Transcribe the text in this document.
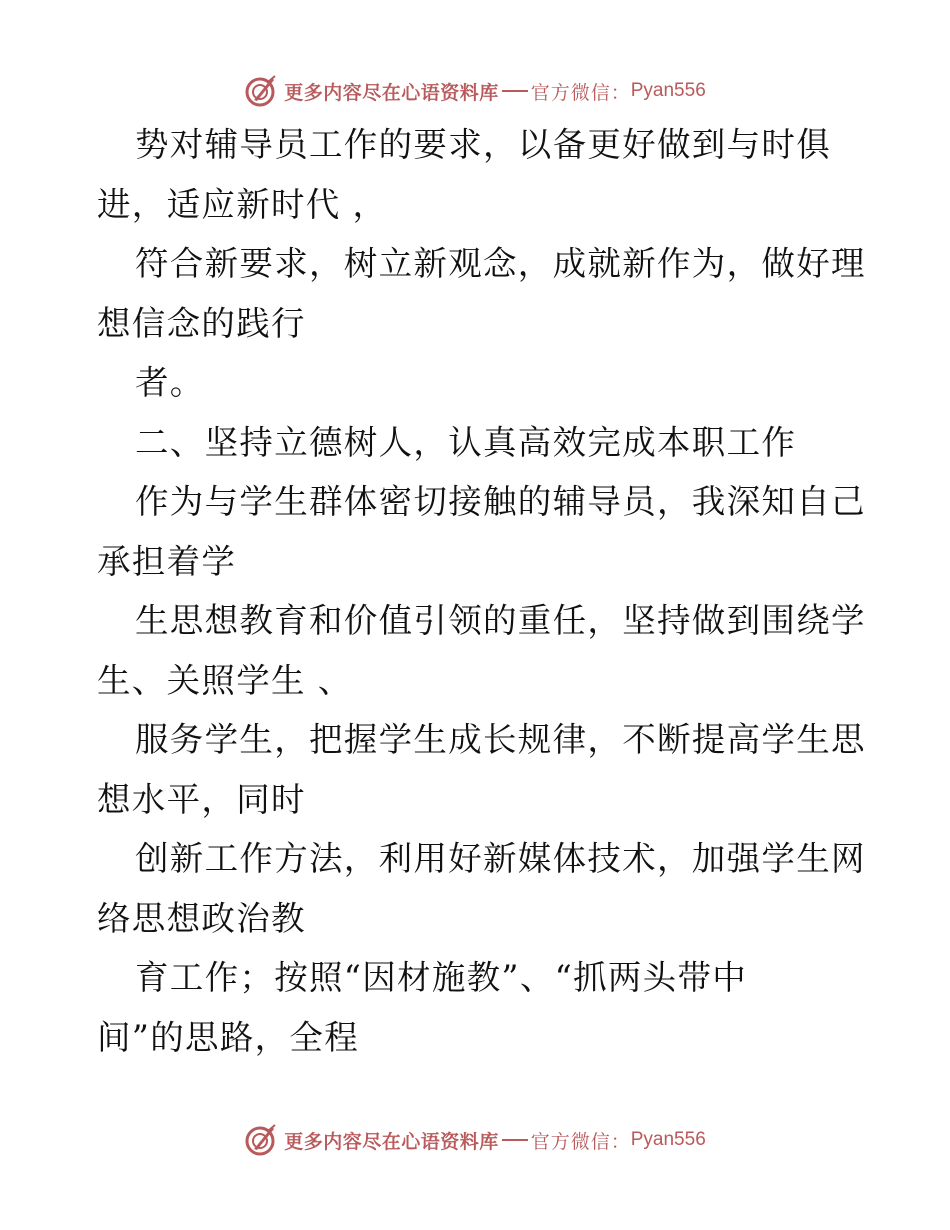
更多内容尽在心语资料库 官方微信： Pyan556
势对辅导员工作的要求，以备更好做到与时俱
进，适应新时代 ，
符合新要求，树立新观念，成就新作为，做好理
想信念的践行
者。
二、坚持立德树人，认真高效完成本职工作
作为与学生群体密切接触的辅导员，我深知自己
承担着学
生思想教育和价值引领的重任，坚持做到围绕学
生、关照学生 、
服务学生，把握学生成长规律，不断提高学生思
想水平，同时
创新工作方法，利用好新媒体技术，加强学生网
络思想政治教
育工作；按照“因材施教”、“抓两头带中
间”的思路，全程
更多内容尽在心语资料库 官方微信： Pyan556
